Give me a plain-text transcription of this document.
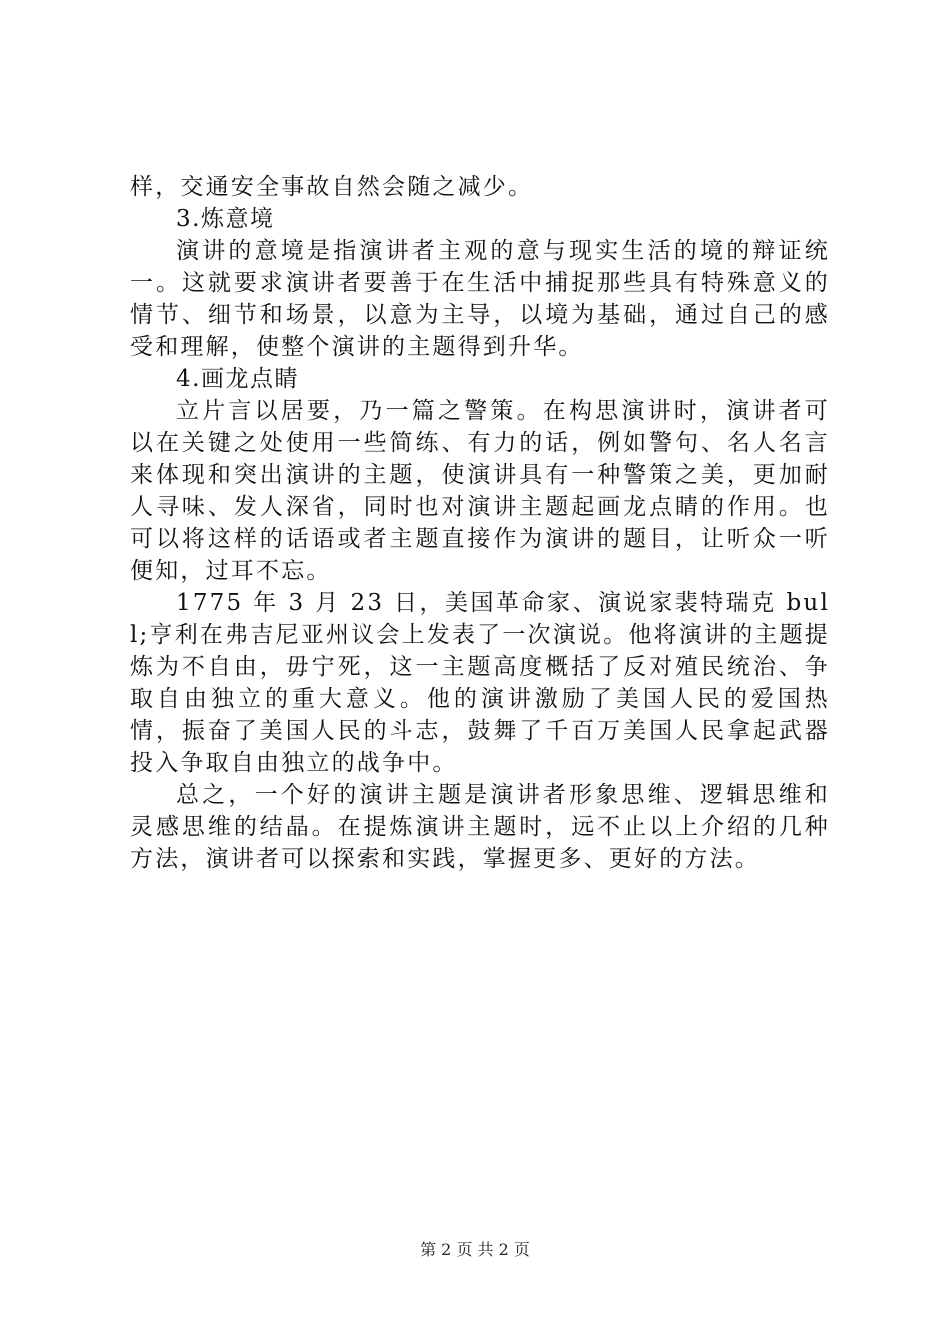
样，交通安全事故自然会随之减少。

3.炼意境

演讲的意境是指演讲者主观的意与现实生活的境的辩证统一。这就要求演讲者要善于在生活中捕捉那些具有特殊意义的情节、细节和场景，以意为主导，以境为基础，通过自己的感受和理解，使整个演讲的主题得到升华。

4.画龙点睛

立片言以居要，乃一篇之警策。在构思演讲时，演讲者可以在关键之处使用一些简练、有力的话，例如警句、名人名言来体现和突出演讲的主题，使演讲具有一种警策之美，更加耐人寻味、发人深省，同时也对演讲主题起画龙点睛的作用。也可以将这样的话语或者主题直接作为演讲的题目，让听众一听便知，过耳不忘。

1775 年 3 月 23 日，美国革命家、演说家裴特瑞克 bull;亨利在弗吉尼亚州议会上发表了一次演说。他将演讲的主题提炼为不自由，毋宁死，这一主题高度概括了反对殖民统治、争取自由独立的重大意义。他的演讲激励了美国人民的爱国热情，振奋了美国人民的斗志，鼓舞了千百万美国人民拿起武器投入争取自由独立的战争中。

总之，一个好的演讲主题是演讲者形象思维、逻辑思维和灵感思维的结晶。在提炼演讲主题时，远不止以上介绍的几种方法，演讲者可以探索和实践，掌握更多、更好的方法。

第 2 页 共 2 页
